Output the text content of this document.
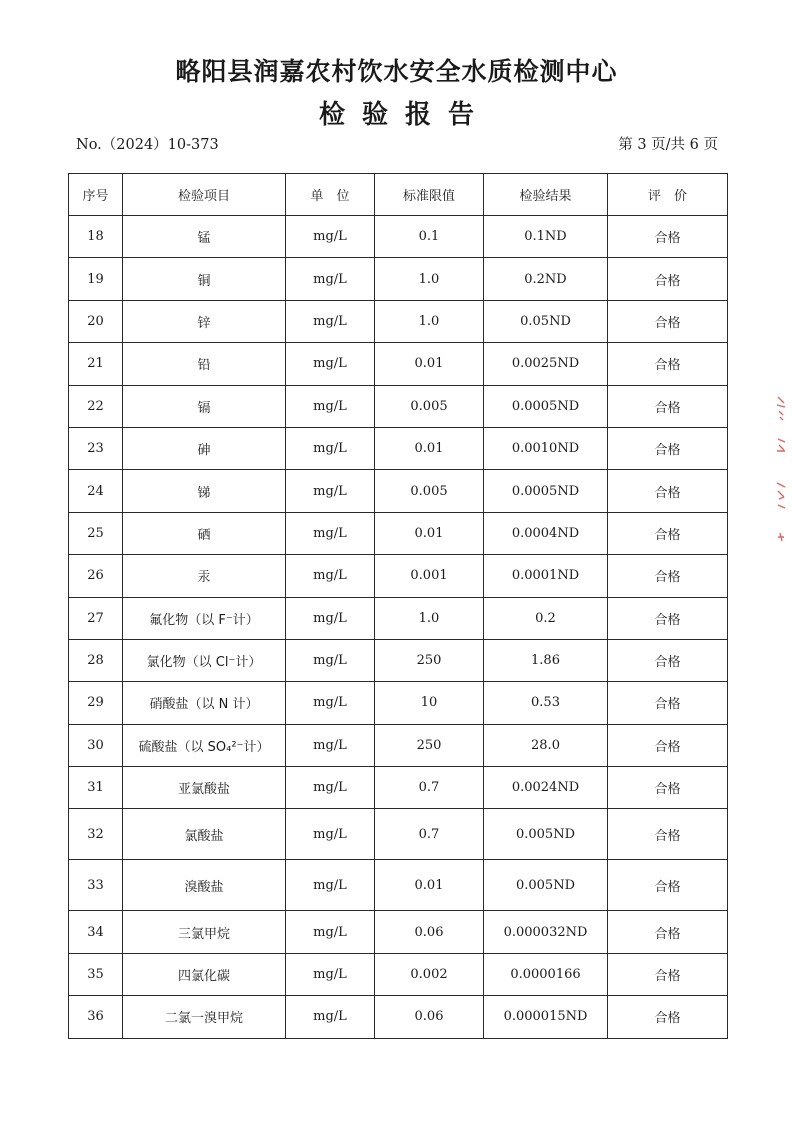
略阳县润嘉农村饮水安全水质检测中心
检验报告
No.（2024）10-373	第 3 页/共 6 页
序号	检验项目	单　位	标准限值	检验结果	评　价
18	锰	mg/L	0.1	0.1ND	合格
19	铜	mg/L	1.0	0.2ND	合格
20	锌	mg/L	1.0	0.05ND	合格
21	铅	mg/L	0.01	0.0025ND	合格
22	镉	mg/L	0.005	0.0005ND	合格
23	砷	mg/L	0.01	0.0010ND	合格
24	锑	mg/L	0.005	0.0005ND	合格
25	硒	mg/L	0.01	0.0004ND	合格
26	汞	mg/L	0.001	0.0001ND	合格
27	氟化物（以 F⁻计）	mg/L	1.0	0.2	合格
28	氯化物（以 Cl⁻计）	mg/L	250	1.86	合格
29	硝酸盐（以 N 计）	mg/L	10	0.53	合格
30	硫酸盐（以 SO₄²⁻计）	mg/L	250	28.0	合格
31	亚氯酸盐	mg/L	0.7	0.0024ND	合格
32	氯酸盐	mg/L	0.7	0.005ND	合格
33	溴酸盐	mg/L	0.01	0.005ND	合格
34	三氯甲烷	mg/L	0.06	0.000032ND	合格
35	四氯化碳	mg/L	0.002	0.0000166	合格
36	二氯一溴甲烷	mg/L	0.06	0.000015ND	合格
